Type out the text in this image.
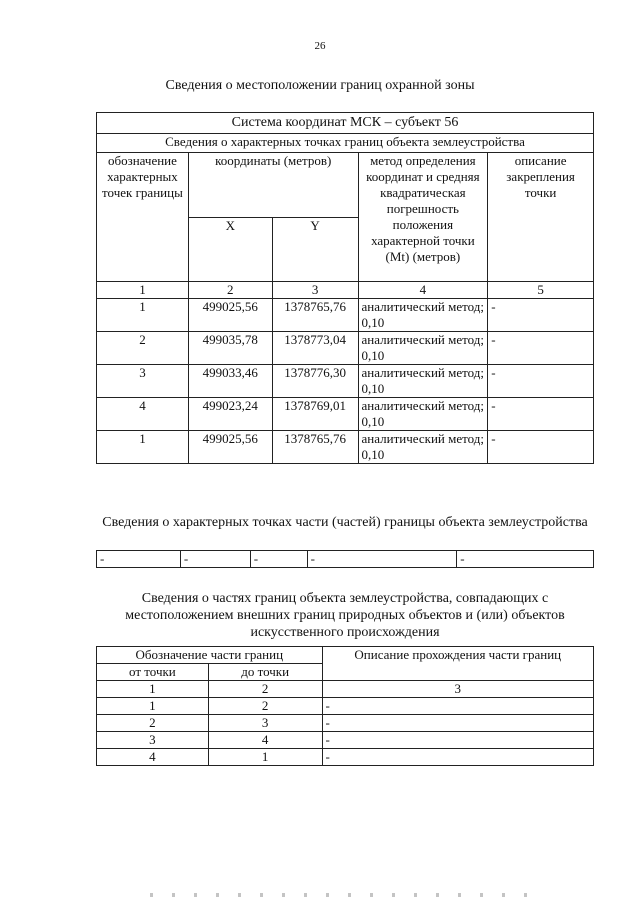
26
Сведения о местоположении границ охранной зоны
Система координат МСК – субъект 56				
Сведения о характерных точках границ объекта землеустройства				
обозначение характерных точек границы	координаты (метров)		метод определения координат и средняя квадратическая погрешность положения характерной точки (Мt) (метров)	описание закрепления точки
	X	Y		
1	2	3	4	5
1	499025,56	1378765,76	аналитический метод; 0,10	-
2	499035,78	1378773,04	аналитический метод; 0,10	-
3	499033,46	1378776,30	аналитический метод; 0,10	-
4	499023,24	1378769,01	аналитический метод; 0,10	-
1	499025,56	1378765,76	аналитический метод; 0,10	-
Сведения о характерных точках части (частей) границы объекта землеустройства
-	-	-	-	-
Сведения о частях границ объекта землеустройства, совпадающих с местоположением внешних границ природных объектов и (или) объектов искусственного происхождения
Обозначение части границ		Описание прохождения части границ
от точки	до точки	
1	2	3
1	2	-
2	3	-
3	4	-
4	1	-
